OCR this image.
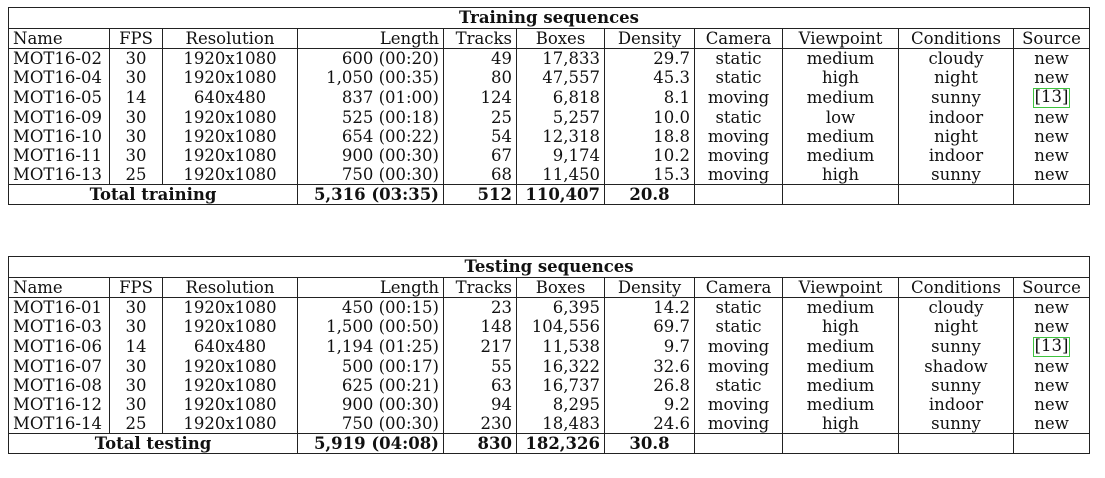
Training sequences										
Name	FPS	Resolution	Length	Tracks	Boxes	Density	Camera	Viewpoint	Conditions	Source
MOT16-02	30	1920x1080	600 (00:20)	49	17,833	29.7	static	medium	cloudy	new
MOT16-04	30	1920x1080	1,050 (00:35)	80	47,557	45.3	static	high	night	new
MOT16-05	14	640x480	837 (01:00)	124	6,818	8.1	moving	medium	sunny	[13]
MOT16-09	30	1920x1080	525 (00:18)	25	5,257	10.0	static	low	indoor	new
MOT16-10	30	1920x1080	654 (00:22)	54	12,318	18.8	moving	medium	night	new
MOT16-11	30	1920x1080	900 (00:30)	67	9,174	10.2	moving	medium	indoor	new
MOT16-13	25	1920x1080	750 (00:30)	68	11,450	15.3	moving	high	sunny	new
Total training			5,316 (03:35)	512	110,407	20.8				
Testing sequences										
Name	FPS	Resolution	Length	Tracks	Boxes	Density	Camera	Viewpoint	Conditions	Source
MOT16-01	30	1920x1080	450 (00:15)	23	6,395	14.2	static	medium	cloudy	new
MOT16-03	30	1920x1080	1,500 (00:50)	148	104,556	69.7	static	high	night	new
MOT16-06	14	640x480	1,194 (01:25)	217	11,538	9.7	moving	medium	sunny	[13]
MOT16-07	30	1920x1080	500 (00:17)	55	16,322	32.6	moving	medium	shadow	new
MOT16-08	30	1920x1080	625 (00:21)	63	16,737	26.8	static	medium	sunny	new
MOT16-12	30	1920x1080	900 (00:30)	94	8,295	9.2	moving	medium	indoor	new
MOT16-14	25	1920x1080	750 (00:30)	230	18,483	24.6	moving	high	sunny	new
Total testing			5,919 (04:08)	830	182,326	30.8				
